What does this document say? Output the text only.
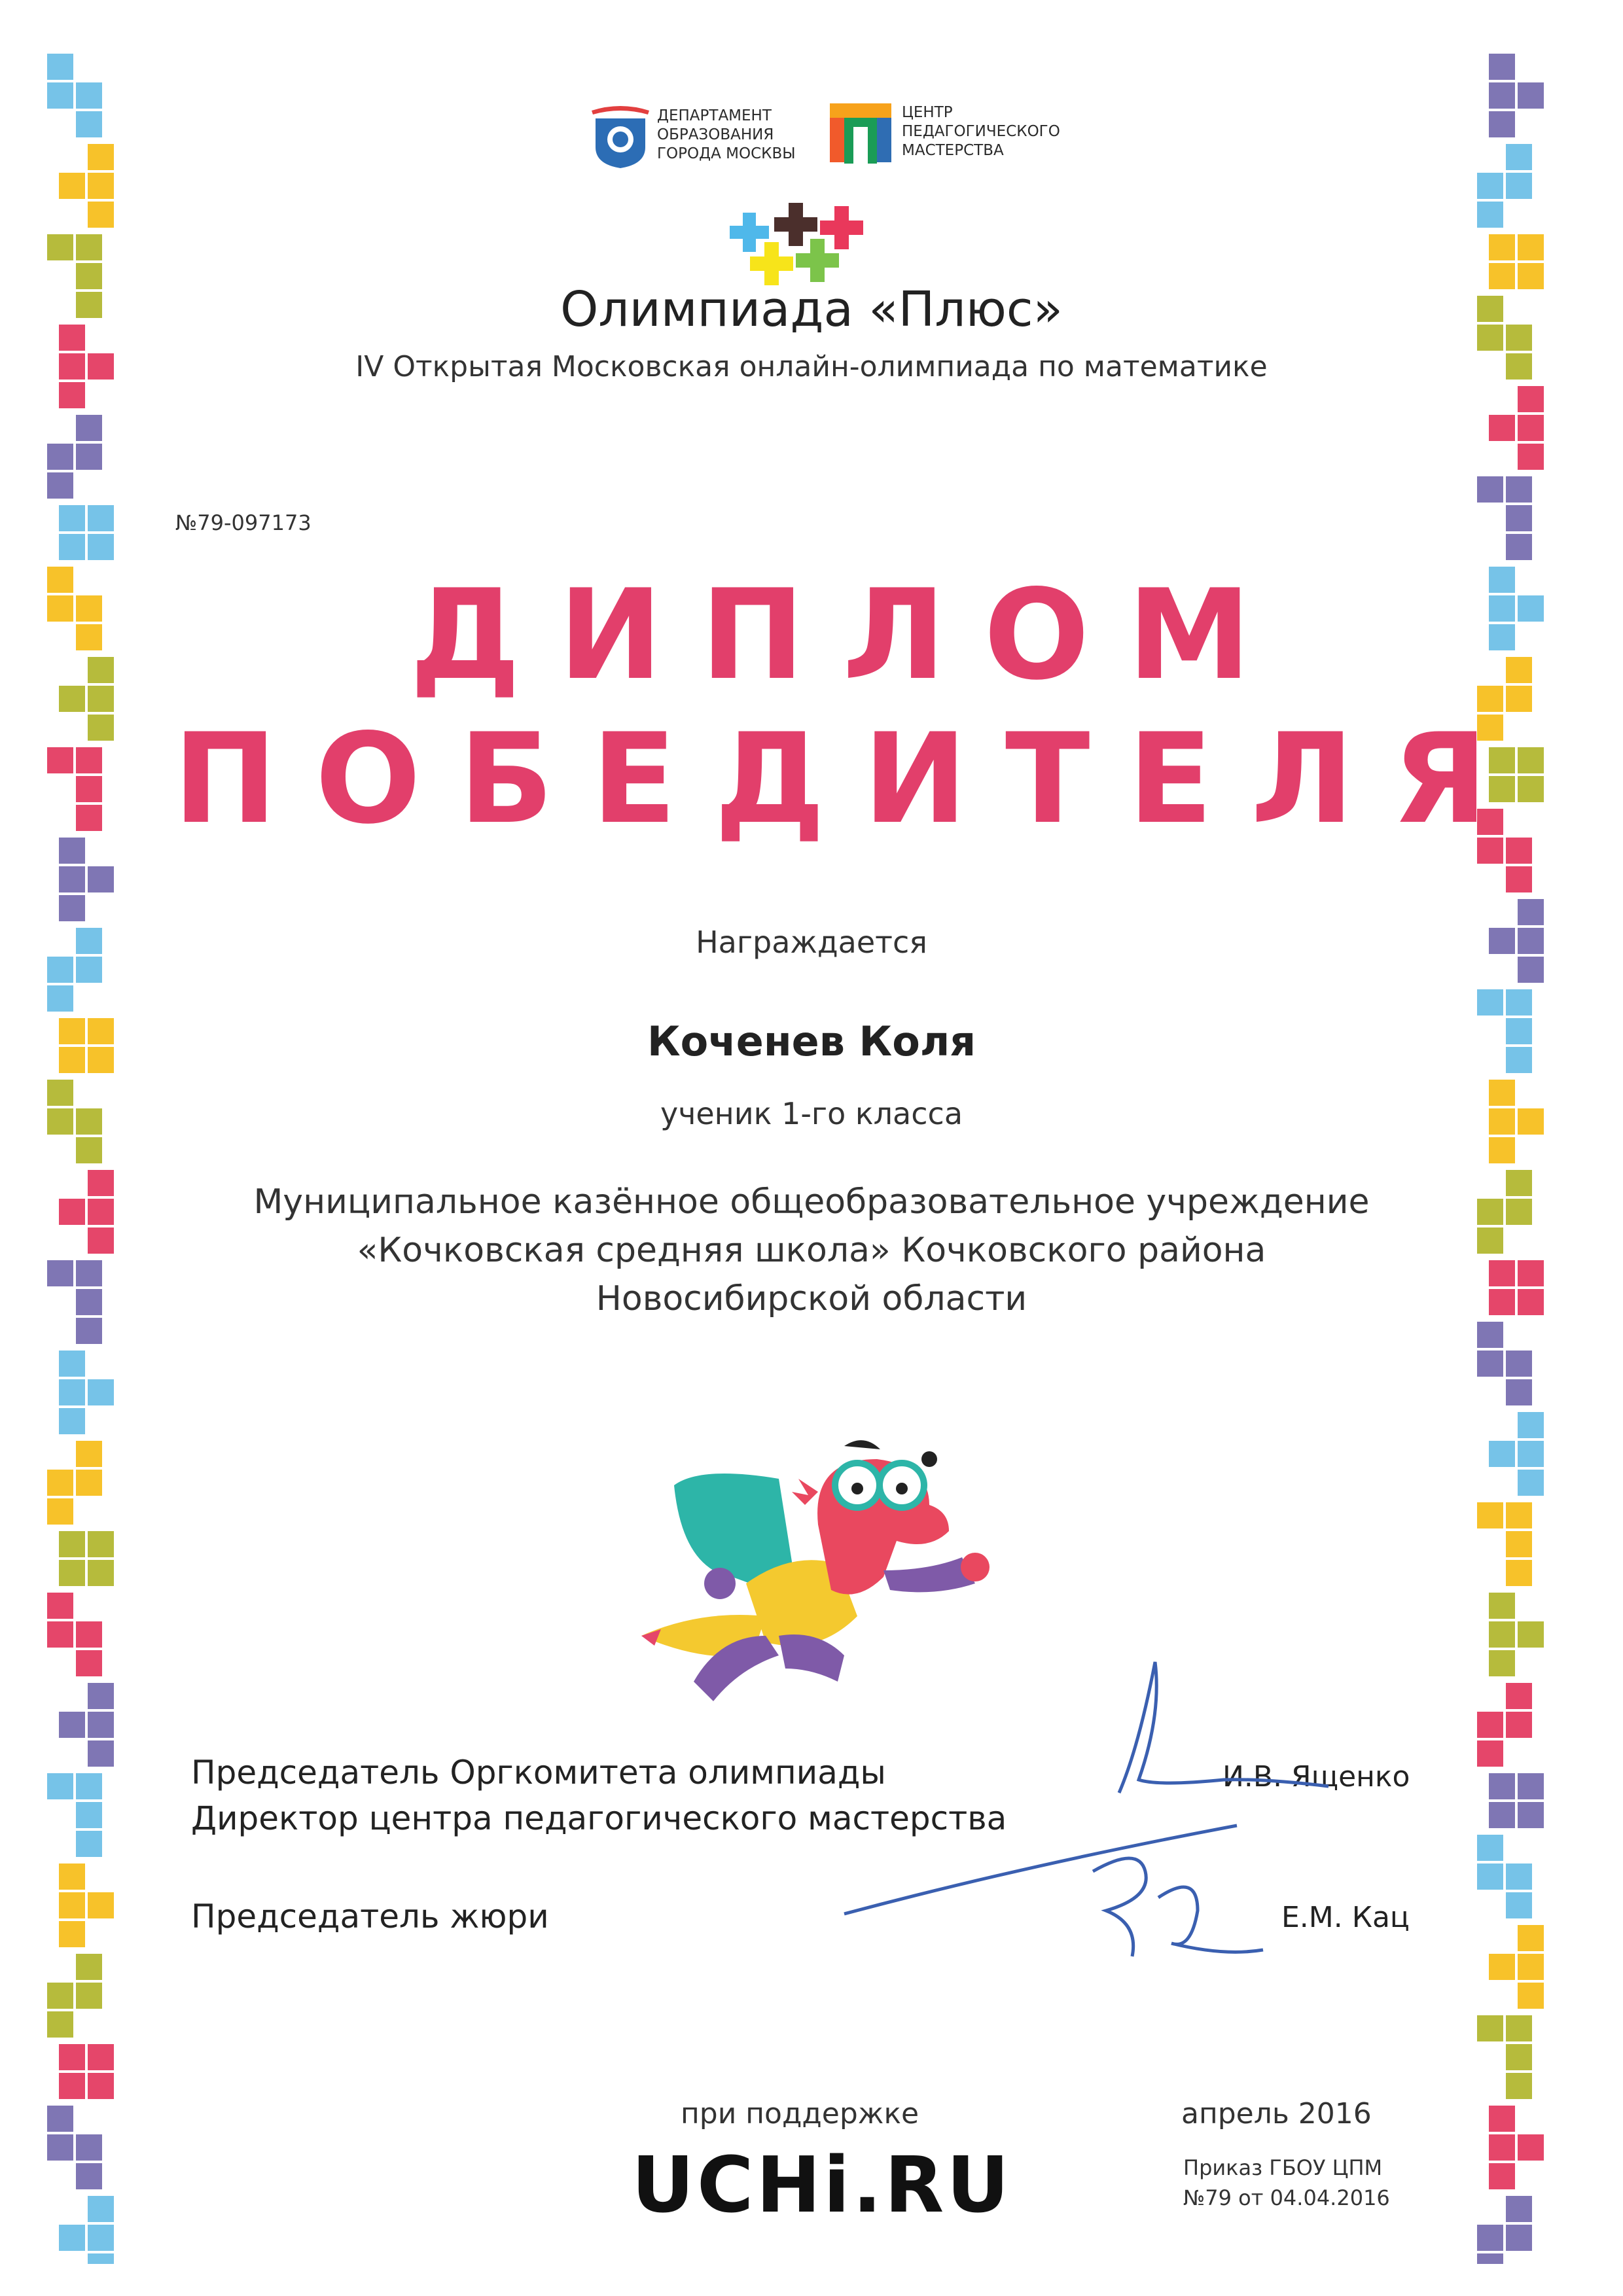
ДЕПАРТАМЕНТ
ОБРАЗОВАНИЯ
ГОРОДА МОСКВЫ
ЦЕНТР
ПЕДАГОГИЧЕСКОГО
МАСТЕРСТВА
Олимпиада «Плюс»
IV Открытая Московская онлайн-олимпиада по математике
№79-097173
ДИПЛОМ
ПОБЕДИТЕЛЯ
Награждается
Коченев Коля
ученик 1-го класса
Муниципальное казённое общеобразовательное учреждение
«Кочковская средняя школа» Кочковского района
Новосибирской области
Председатель Оргкомитета олимпиады
Директор центра педагогического мастерства
И.В. Ященко
Председатель жюри	Е.М. Кац
при поддержке
UCHi.RU
апрель 2016
Приказ ГБОУ ЦПМ
№79 от 04.04.2016
